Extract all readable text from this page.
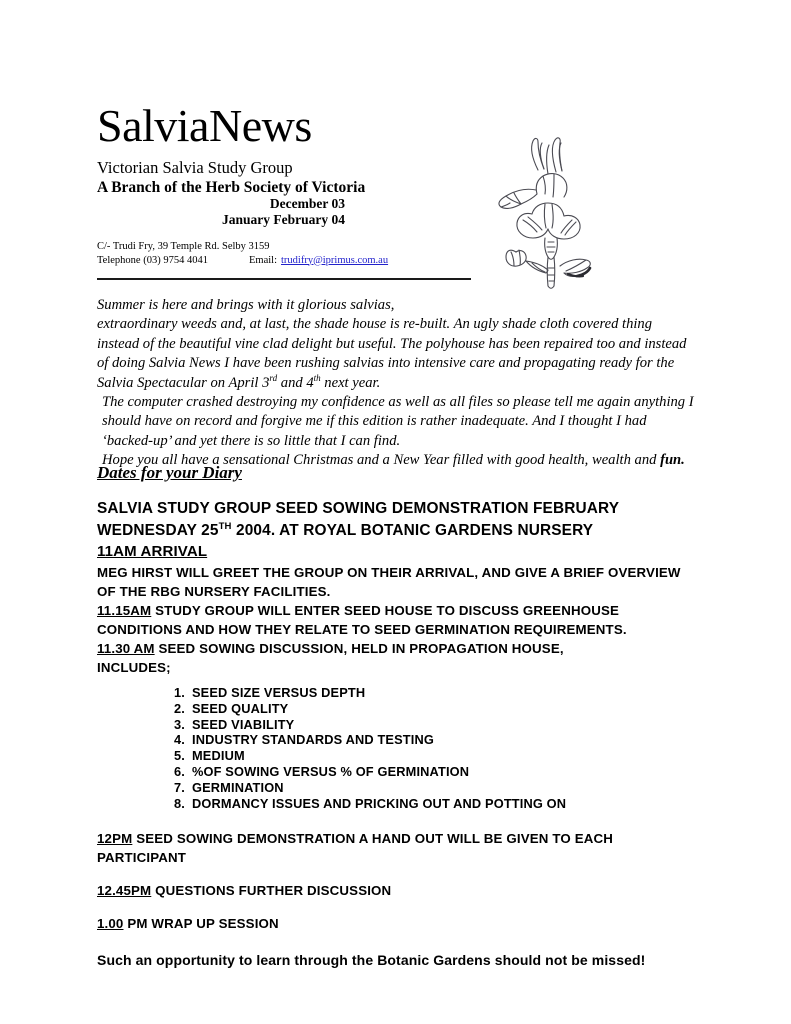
SalviaNews
Victorian Salvia Study Group
A Branch of the Herb Society of Victoria
December 03
January February 04
C/- Trudi Fry, 39 Temple Rd. Selby 3159
Telephone (03) 9754 4041	Email: trudifry@iprimus.com.au

Summer is here and brings with it glorious salvias,

extraordinary weeds and, at last, the shade house is re-built. An ugly shade cloth covered thing instead of the beautiful vine clad delight but useful. The polyhouse has been repaired too and instead of doing Salvia News I have been rushing salvias into intensive care and propagating ready for the Salvia Spectacular on April 3rd and 4th next year.

The computer crashed destroying my confidence as well as all files so please tell me again anything I should have on record and forgive me if this edition is rather inadequate. And I thought I had ‘backed-up’ and yet there is so little that I can find.

Hope you all have a sensational Christmas and a New Year filled with good health, wealth and fun.

Dates for your Diary
SALVIA STUDY GROUP SEED SOWING DEMONSTRATION FEBRUARY
WEDNESDAY 25TH 2004. AT ROYAL BOTANIC GARDENS NURSERY
11AM ARRIVAL

MEG HIRST WILL GREET THE GROUP ON THEIR ARRIVAL, AND GIVE A BRIEF OVERVIEW OF THE RBG NURSERY FACILITIES.

11.15AM STUDY GROUP WILL ENTER SEED HOUSE TO DISCUSS GREENHOUSE CONDITIONS AND HOW THEY RELATE TO SEED GERMINATION REQUIREMENTS.

11.30 AM SEED SOWING DISCUSSION, HELD IN PROPAGATION HOUSE,

INCLUDES;

1. SEED SIZE VERSUS DEPTH
2. SEED QUALITY
3. SEED VIABILITY
4. INDUSTRY STANDARDS AND TESTING
5. MEDIUM
6. %OF SOWING VERSUS % OF GERMINATION
7. GERMINATION
8. DORMANCY ISSUES AND PRICKING OUT AND POTTING ON

12PM SEED SOWING DEMONSTRATION A HAND OUT WILL BE GIVEN TO EACH PARTICIPANT

12.45PM QUESTIONS FURTHER DISCUSSION

1.00 PM WRAP UP SESSION

Such an opportunity to learn through the Botanic Gardens should not be missed!
